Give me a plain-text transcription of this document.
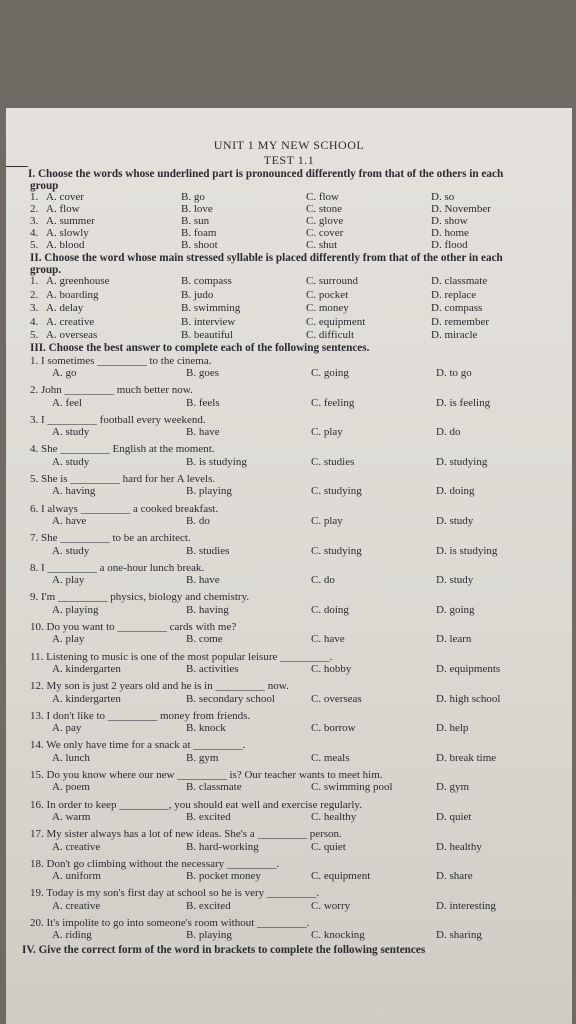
UNIT 1 MY NEW SCHOOL
TEST 1.1
I. Choose the words whose underlined part is pronounced differently from that of the others in each
group
1. A. cover	B. go	C. flow	D. so
2. A. flow	B. love	C. stone	D. November
3. A. summer	B. sun	C. glove	D. show
4. A. slowly	B. foam	C. cover	D. home
5. A. blood	B. shoot	C. shut	D. flood
II. Choose the word whose main stressed syllable is placed differently from that of the other in each
group.
1. A. greenhouse	B. compass	C. surround	D. classmate
2. A. boarding	B. judo	C. pocket	D. replace
3. A. delay	B. swimming	C. money	D. compass
4. A. creative	B. interview	C. equipment	D. remember
5. A. overseas	B. beautiful	C. difficult	D. miracle
III. Choose the best answer to complete each of the following sentences.
1. I sometimes _________ to the cinema.
A. go	B. goes	C. going	D. to go
2. John _________ much better now.
A. feel	B. feels	C. feeling	D. is feeling
3. I _________ football every weekend.
A. study	B. have	C. play	D. do
4. She _________ English at the moment.
A. study	B. is studying	C. studies	D. studying
5. She is _________ hard for her A levels.
A. having	B. playing	C. studying	D. doing
6. I always _________ a cooked breakfast.
A. have	B. do	C. play	D. study
7. She _________ to be an architect.
A. study	B. studies	C. studying	D. is studying
8. I _________ a one-hour lunch break.
A. play	B. have	C. do	D. study
9. I'm _________ physics, biology and chemistry.
A. playing	B. having	C. doing	D. going
10. Do you want to _________ cards with me?
A. play	B. come	C. have	D. learn
11. Listening to music is one of the most popular leisure _________.
A. kindergarten	B. activities	C. hobby	D. equipments
12. My son is just 2 years old and he is in _________ now.
A. kindergarten	B. secondary school	C. overseas	D. high school
13. I don't like to _________ money from friends.
A. pay	B. knock	C. borrow	D. help
14. We only have time for a snack at _________.
A. lunch	B. gym	C. meals	D. break time
15. Do you know where our new _________ is? Our teacher wants to meet him.
A. poem	B. classmate	C. swimming pool	D. gym
16. In order to keep _________, you should eat well and exercise regularly.
A. warm	B. excited	C. healthy	D. quiet
17. My sister always has a lot of new ideas. She's a _________ person.
A. creative	B. hard-working	C. quiet	D. healthy
18. Don't go climbing without the necessary _________.
A. uniform	B. pocket money	C. equipment	D. share
19. Today is my son's first day at school so he is very _________.
A. creative	B. excited	C. worry	D. interesting
20. It's impolite to go into someone's room without _________.
A. riding	B. playing	C. knocking	D. sharing
IV. Give the correct form of the word in brackets to complete the following sentences
